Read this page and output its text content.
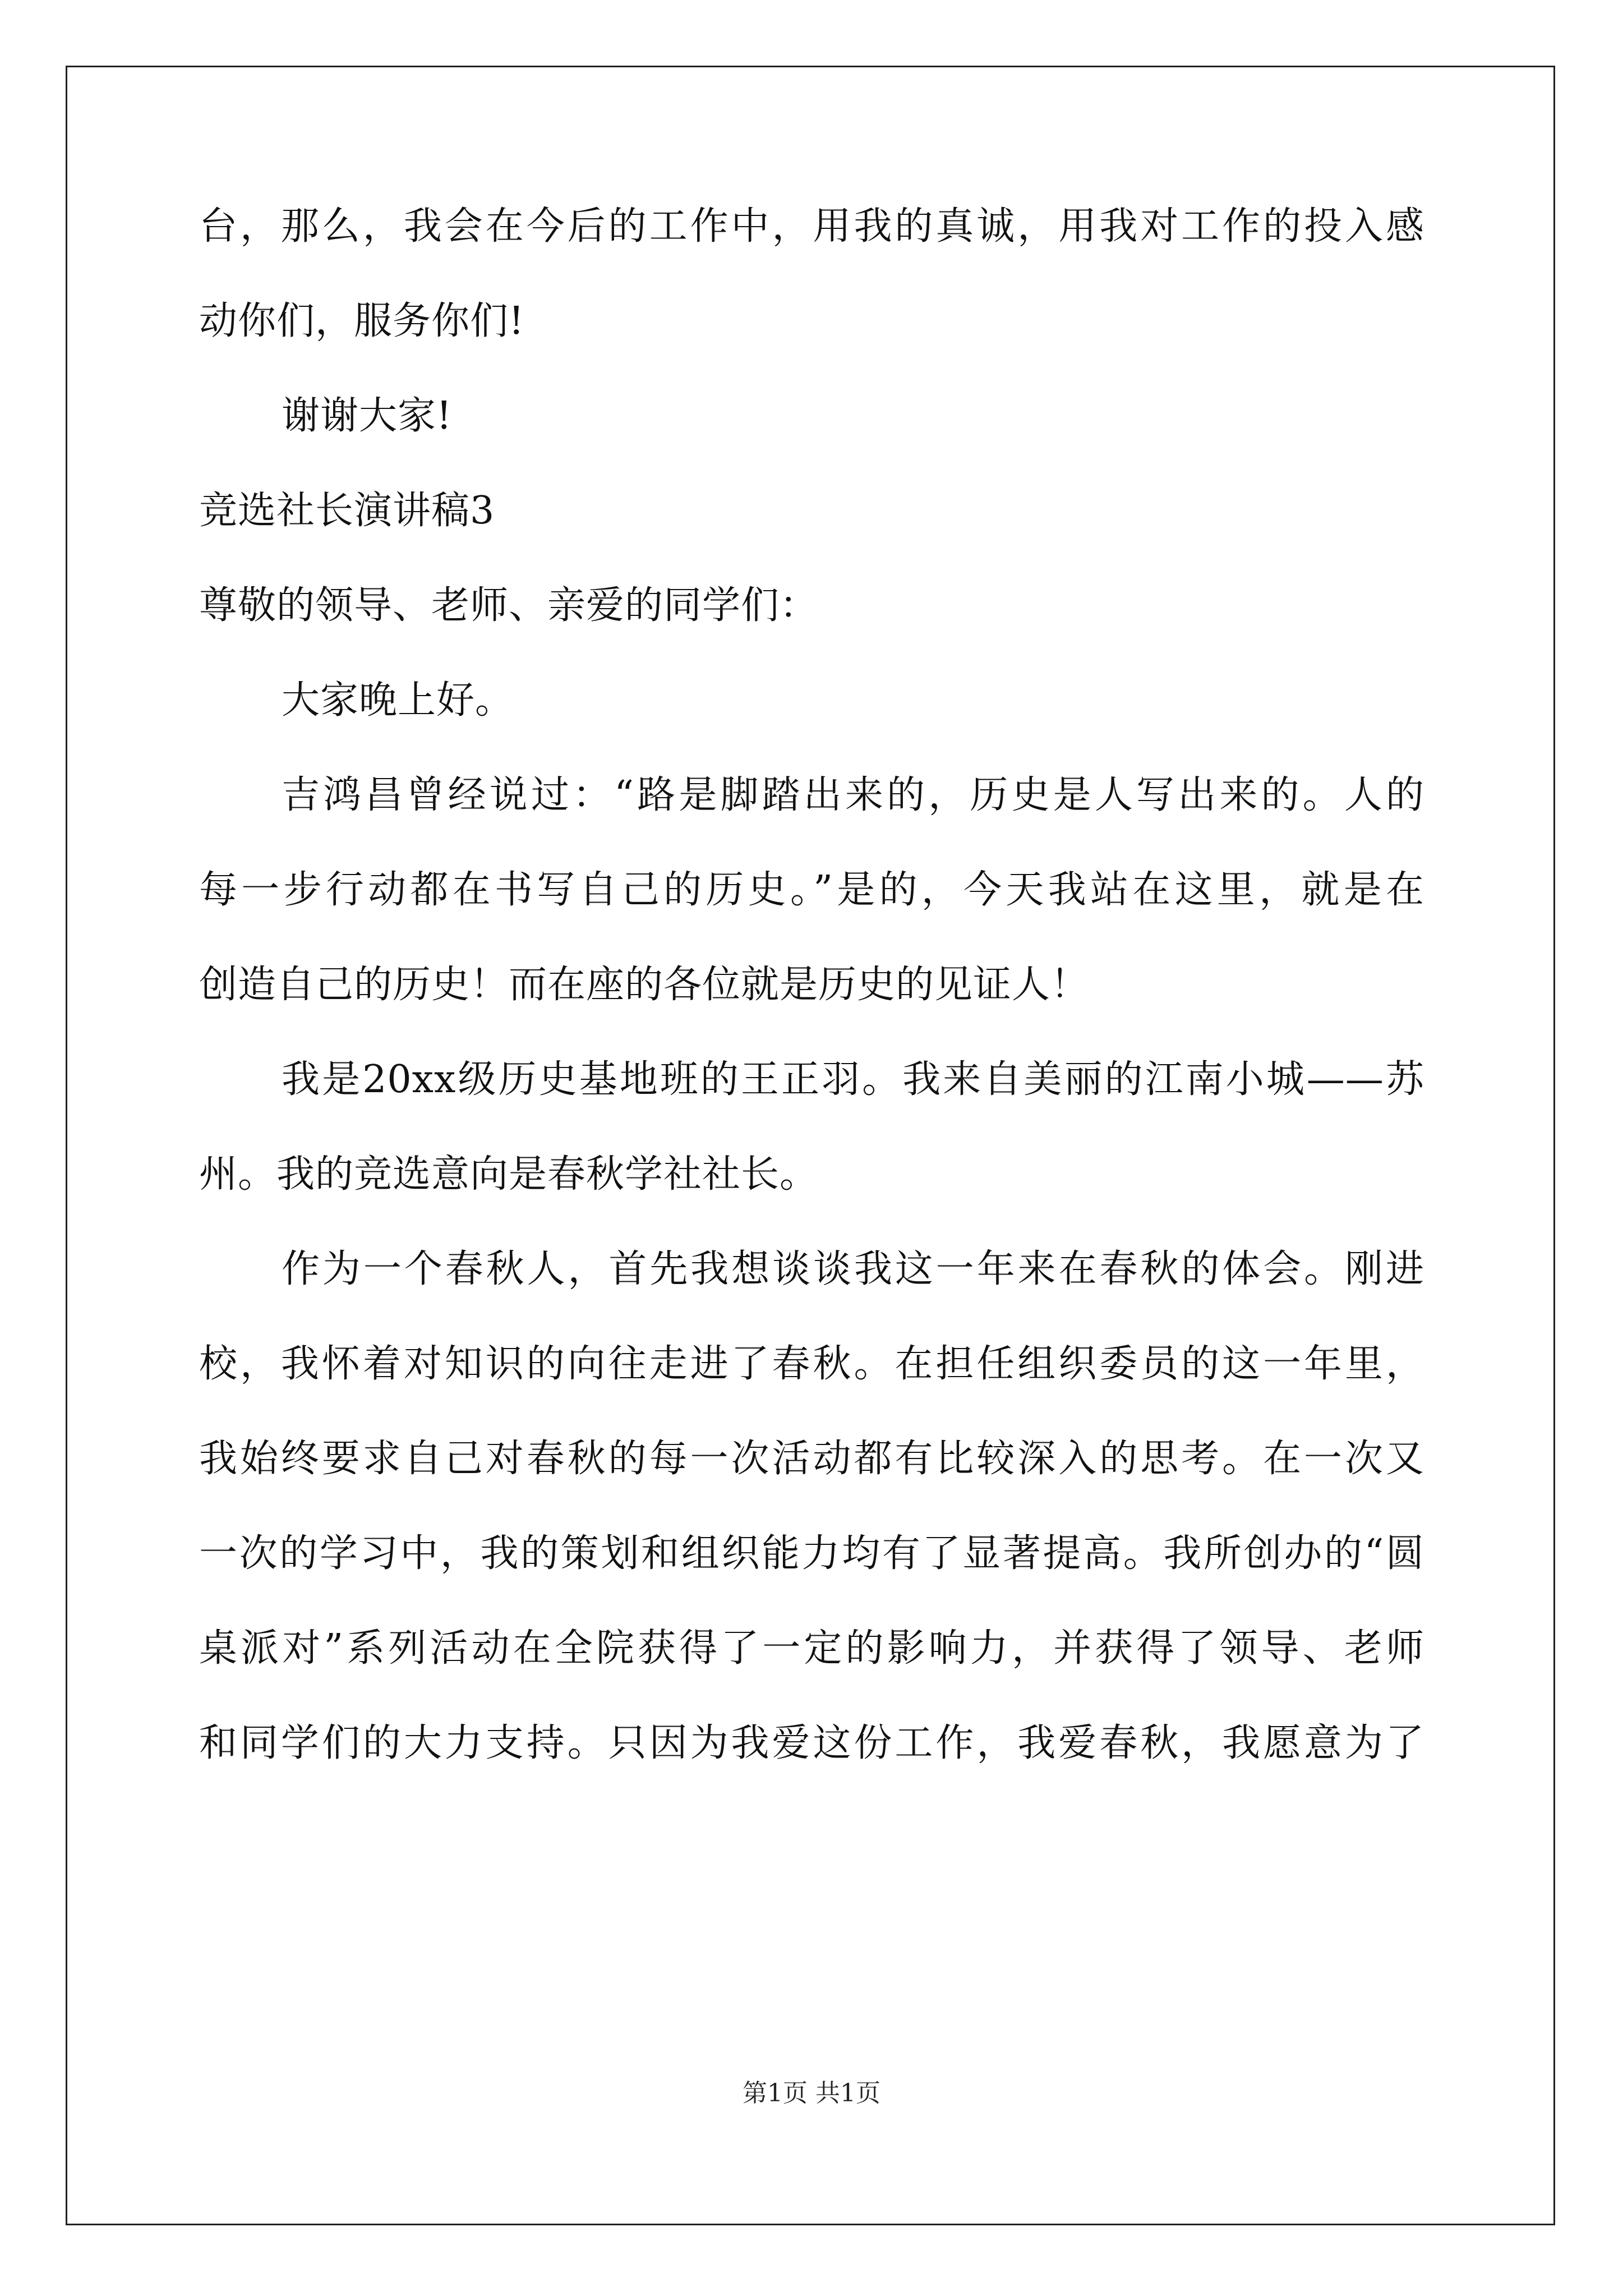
台，那么，我会在今后的工作中，用我的真诚，用我对工作的投入感

动你们，服务你们!

谢谢大家!

竞选社长演讲稿3

尊敬的领导、老师、亲爱的同学们：

大家晚上好。

吉鸿昌曾经说过：“路是脚踏出来的，历史是人写出来的。人的

每一步行动都在书写自己的历史。”是的，今天我站在这里，就是在

创造自己的历史！而在座的各位就是历史的见证人！

我是20xx级历史基地班的王正羽。我来自美丽的江南小城——苏

州。我的竞选意向是春秋学社社长。

作为一个春秋人，首先我想谈谈我这一年来在春秋的体会。刚进

校，我怀着对知识的向往走进了春秋。在担任组织委员的这一年里，

我始终要求自己对春秋的每一次活动都有比较深入的思考。在一次又

一次的学习中，我的策划和组织能力均有了显著提高。我所创办的“圆

桌派对”系列活动在全院获得了一定的影响力，并获得了领导、老师

和同学们的大力支持。只因为我爱这份工作，我爱春秋，我愿意为了

第1页 共1页
